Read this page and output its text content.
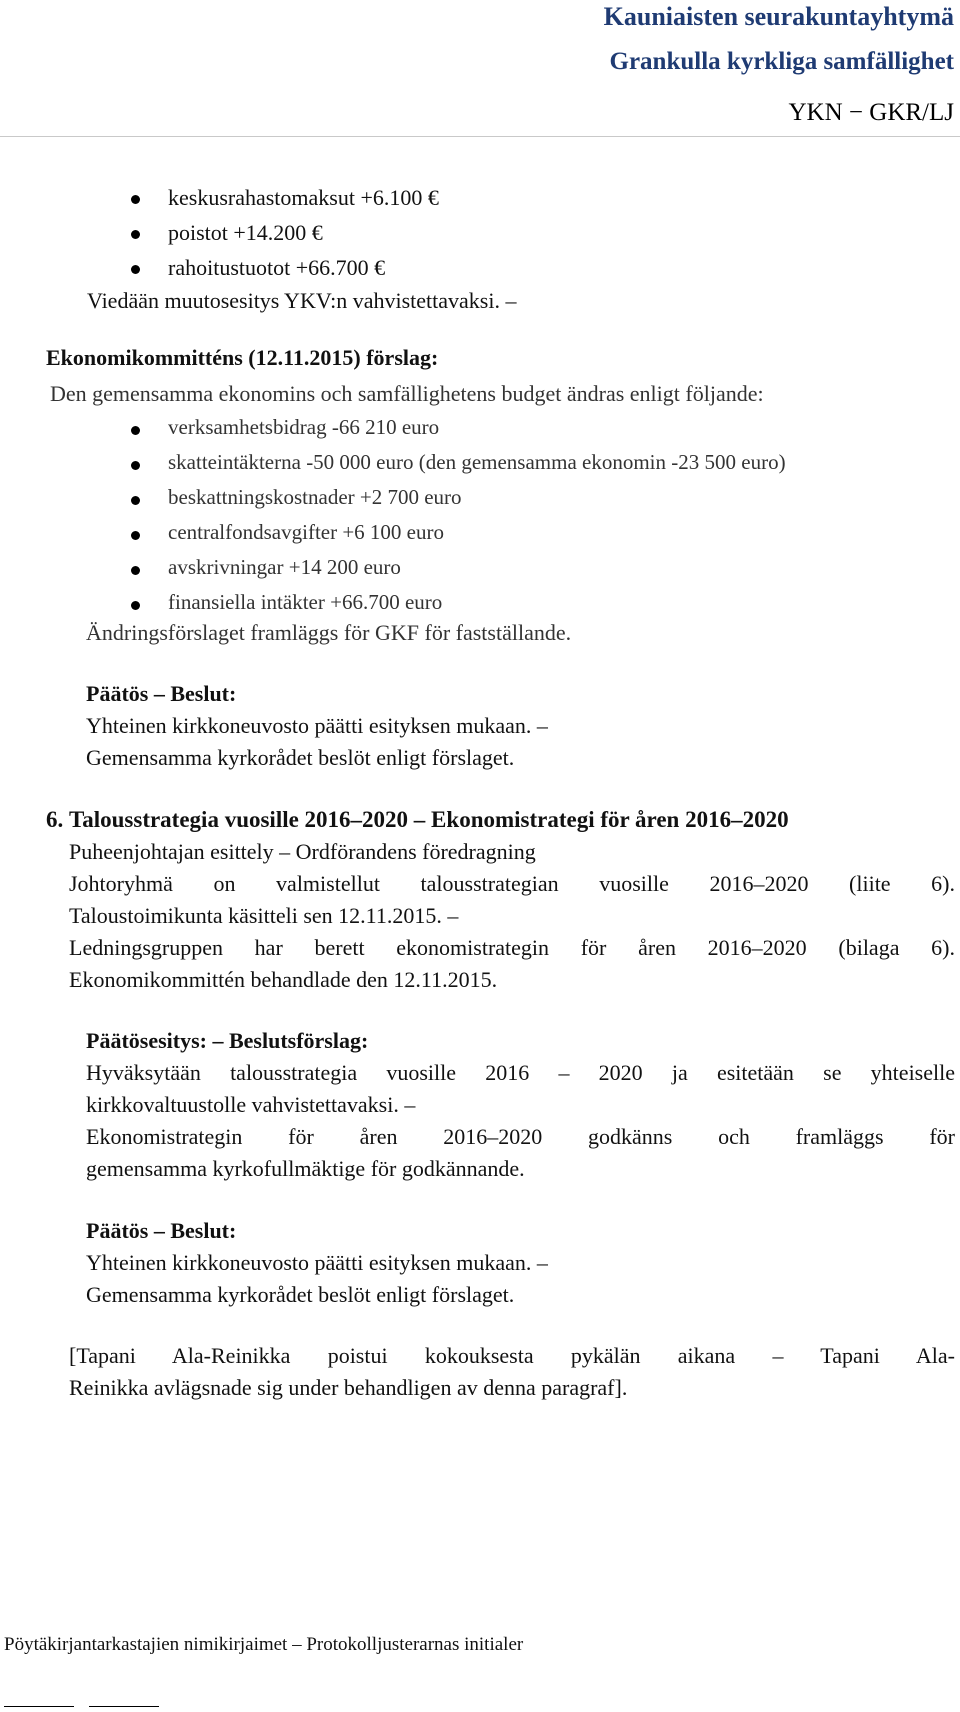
Kauniaisten seurakuntayhtymä
Grankulla kyrkliga samfällighet
YKN − GKR/LJ
keskusrahastomaksut +6.100 €
poistot +14.200 €
rahoitustuotot +66.700 €
Viedään muutosesitys YKV:n vahvistettavaksi. –
Ekonomikommitténs (12.11.2015) förslag:
Den gemensamma ekonomins och samfällighetens budget ändras enligt följande:
verksamhetsbidrag -66 210 euro
skatteintäkterna -50 000 euro (den gemensamma ekonomin -23 500 euro)
beskattningskostnader +2 700 euro
centralfondsavgifter +6 100 euro
avskrivningar +14 200 euro
finansiella intäkter +66.700 euro
Ändringsförslaget framläggs för GKF för fastställande.
Päätös – Beslut:
Yhteinen kirkkoneuvosto päätti esityksen mukaan. –
Gemensamma kyrkorådet beslöt enligt förslaget.
6. Talousstrategia vuosille 2016–2020 – Ekonomistrategi för åren 2016–2020
Puheenjohtajan esittely – Ordförandens föredragning
Johtoryhmä on valmistellut talousstrategian vuosille 2016–2020 (liite 6).
Taloustoimikunta käsitteli sen 12.11.2015. –
Ledningsgruppen har berett ekonomistrategin för åren 2016–2020 (bilaga 6).
Ekonomikommittén behandlade den 12.11.2015.
Päätösesitys: – Beslutsförslag:
Hyväksytään talousstrategia vuosille 2016 – 2020 ja esitetään se yhteiselle
kirkkovaltuustolle vahvistettavaksi. –
Ekonomistrategin för åren 2016–2020 godkänns och framläggs för
gemensamma kyrkofullmäktige för godkännande.
Päätös – Beslut:
Yhteinen kirkkoneuvosto päätti esityksen mukaan. –
Gemensamma kyrkorådet beslöt enligt förslaget.
[Tapani Ala-Reinikka poistui kokouksesta pykälän aikana – Tapani Ala-
Reinikka avlägsnade sig under behandligen av denna paragraf].
Pöytäkirjantarkastajien nimikirjaimet – Protokolljusterarnas initialer
